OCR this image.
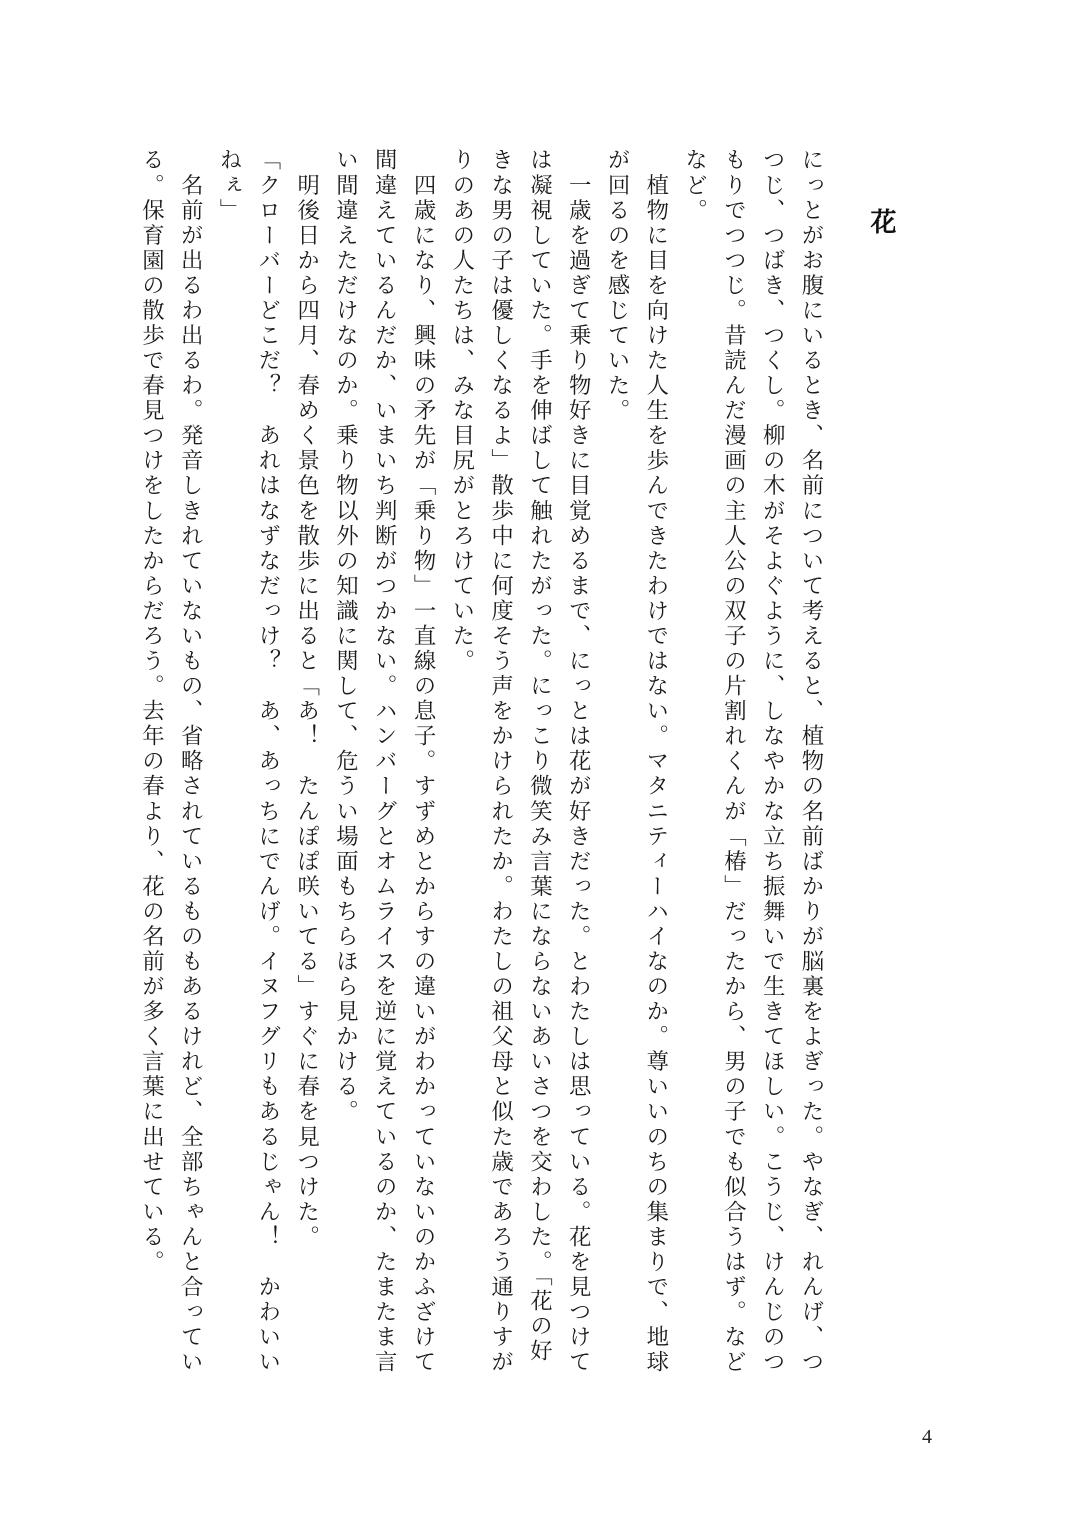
花

にっとがお腹にいるとき、名前について考えると、植物の名前ばかりが脳裏をよぎった。やなぎ、れんげ、つつじ、つばき、つくし。柳の木がそよぐように、しなやかな立ち振舞いで生きてほしい。こうじ、けんじのつもりでつつじ。昔読んだ漫画の主人公の双子の片割れくんが「椿」だったから、男の子でも似合うはず。などなど。

　植物に目を向けた人生を歩んできたわけではない。マタニティーハイなのか。尊いいのちの集まりで、地球が回るのを感じていた。

　一歳を過ぎて乗り物好きに目覚めるまで、にっとは花が好きだった。とわたしは思っている。花を見つけては凝視していた。手を伸ばして触れたがった。にっこり微笑み言葉にならないあいさつを交わした。「花の好きな男の子は優しくなるよ」散歩中に何度そう声をかけられたか。わたしの祖父母と似た歳であろう通りすがりのあの人たちは、みな目尻がとろけていた。

　四歳になり、興味の矛先が「乗り物」一直線の息子。すずめとからすの違いがわかっていないのかふざけて間違えているんだか、いまいち判断がつかない。ハンバーグとオムライスを逆に覚えているのか、たまたま言い間違えただけなのか。乗り物以外の知識に関して、危うい場面もちらほら見かける。

　明後日から四月、春めく景色を散歩に出ると「あ！　たんぽぽ咲いてる」すぐに春を見つけた。

「クローバーどこだ？　あれはなずなだっけ？　あ、あっちにでんげ。イヌフグリもあるじゃん！　かわいいねぇ」

　名前が出るわ出るわ。発音しきれていないもの、省略されているものもあるけれど、全部ちゃんと合っている。保育園の散歩で春見つけをしたからだろう。去年の春より、花の名前が多く言葉に出せている。

4
